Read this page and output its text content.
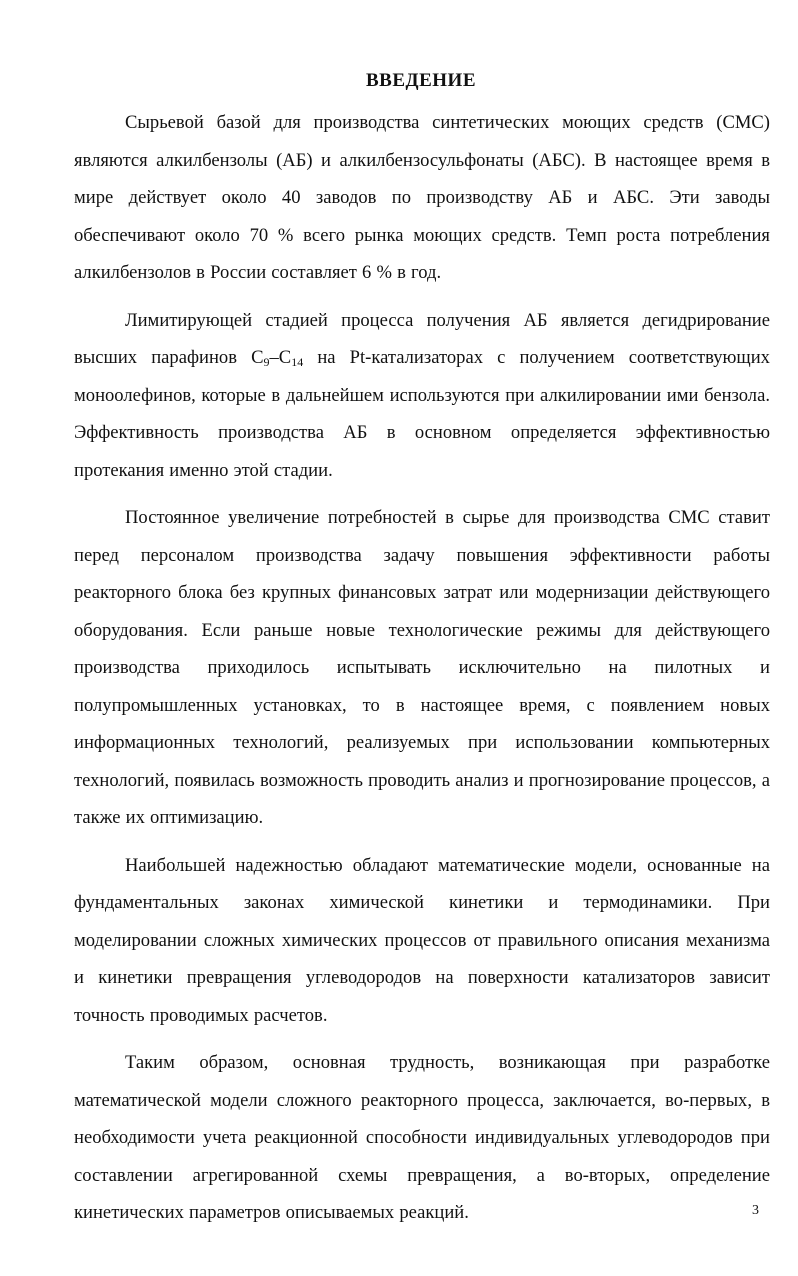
ВВЕДЕНИЕ

Сырьевой базой для производства синтетических моющих средств (СМС) являются алкилбензолы (АБ) и алкилбензосульфонаты (АБС). В настоящее время в мире действует около 40 заводов по производству АБ и АБС. Эти заводы обеспечивают около 70 % всего рынка моющих средств. Темп роста потребления алкилбензолов в России составляет 6 % в год.

Лимитирующей стадией процесса получения АБ является дегидрирование высших парафинов $C_9-C_{14}$ на Pt-катализаторах с получением соответствующих моноолефинов, которые в дальнейшем используются при алкилировании ими бензола. Эффективность производства АБ в основном определяется эффективностью протекания именно этой стадии.

Постоянное увеличение потребностей в сырье для производства СМС ставит перед персоналом производства задачу повышения эффективности работы реакторного блока без крупных финансовых затрат или модернизации действующего оборудования. Если раньше новые технологические режимы для действующего производства приходилось испытывать исключительно на пилотных и полупромышленных установках, то в настоящее время, с появлением новых информационных технологий, реализуемых при использовании компьютерных технологий, появилась возможность проводить анализ и прогнозирование процессов, а также их оптимизацию.

Наибольшей надежностью обладают математические модели, основанные на фундаментальных законах химической кинетики и термодинамики. При моделировании сложных химических процессов от правильного описания механизма и кинетики превращения углеводородов на поверхности катализаторов зависит точность проводимых расчетов.

Таким образом, основная трудность, возникающая при разработке математической модели сложного реакторного процесса, заключается, во-первых, в необходимости учета реакционной способности индивидуальных углеводородов при составлении агрегированной схемы превращения, а во-вторых, определение кинетических параметров описываемых реакций.	3
